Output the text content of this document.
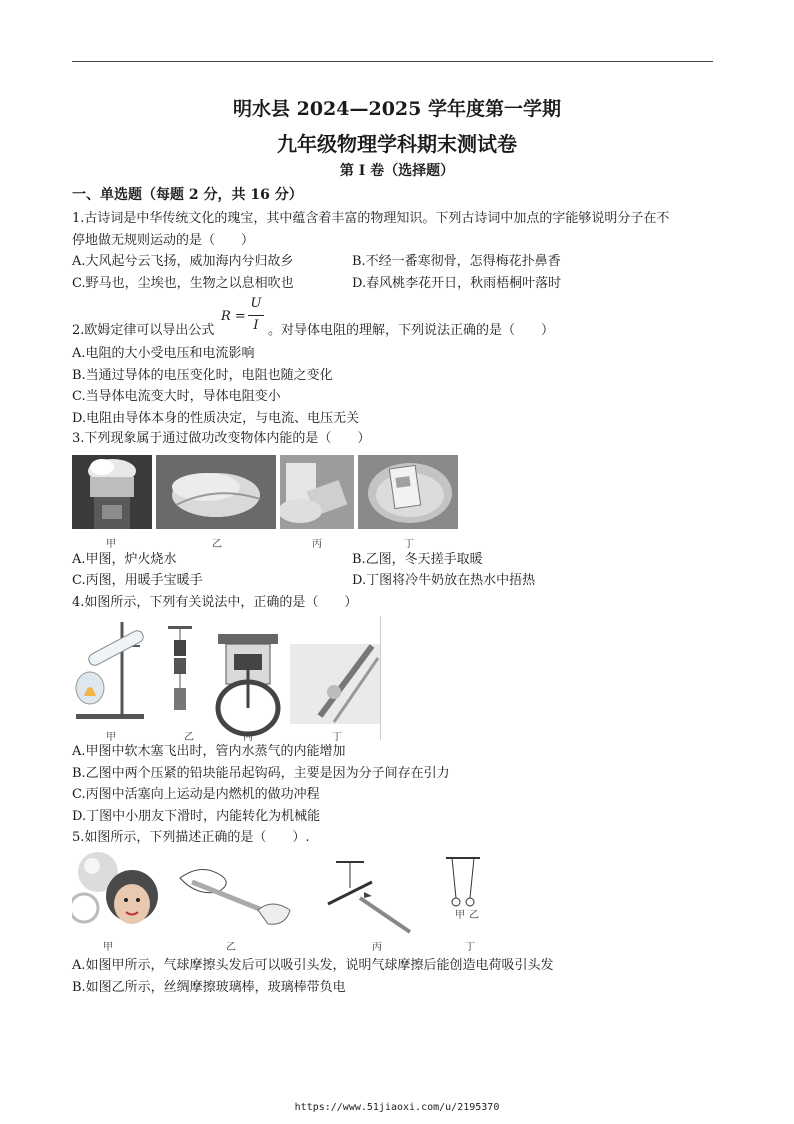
明水县 2024—2025 学年度第一学期
九年级物理学科期末测试卷
第 I 卷（选择题）
一、单选题（每题 2 分，共 16 分）
1.古诗词是中华传统文化的瑰宝，其中蕴含着丰富的物理知识。下列古诗词中加点的字能够说明分子在不
停地做无规则运动的是（　　）
A.大风起兮云飞扬，威加海内兮归故乡	B.不经一番寒彻骨，怎得梅花扑鼻香
C.野马也，尘埃也，生物之以息相吹也	D.春风桃李花开日，秋雨梧桐叶落时
2.欧姆定律可以导出公式
R =
U
I 。对导体电阻的理解，下列说法正确的是（　　）
A.电阻的大小受电压和电流影响
B.当通过导体的电压变化时，电阻也随之变化
C.当导体电流变大时，导体电阻变小
D.电阻由导体本身的性质决定，与电流、电压无关
3.下列现象属于通过做功改变物体内能的是（　　）
甲	乙	丙	丁
A.甲图，炉火烧水	B.乙图，冬天搓手取暖
C.丙图，用暖手宝暖手	D.丁图将冷牛奶放在热水中捂热
4.如图所示，下列有关说法中，正确的是（　　）
甲	乙	丙	丁
A.甲图中软木塞飞出时，管内水蒸气的内能增加
B.乙图中两个压紧的铅块能吊起钩码，主要是因为分子间存在引力
C.丙图中活塞向上运动是内燃机的做功冲程
D.丁图中小朋友下滑时，内能转化为机械能
5.如图所示，下列描述正确的是（　　）.
甲 乙
甲	乙	丙	丁
A.如图甲所示，气球摩擦头发后可以吸引头发，说明气球摩擦后能创造电荷吸引头发
B.如图乙所示，丝绸摩擦玻璃棒，玻璃棒带负电
https://www.51jiaoxi.com/u/2195370
